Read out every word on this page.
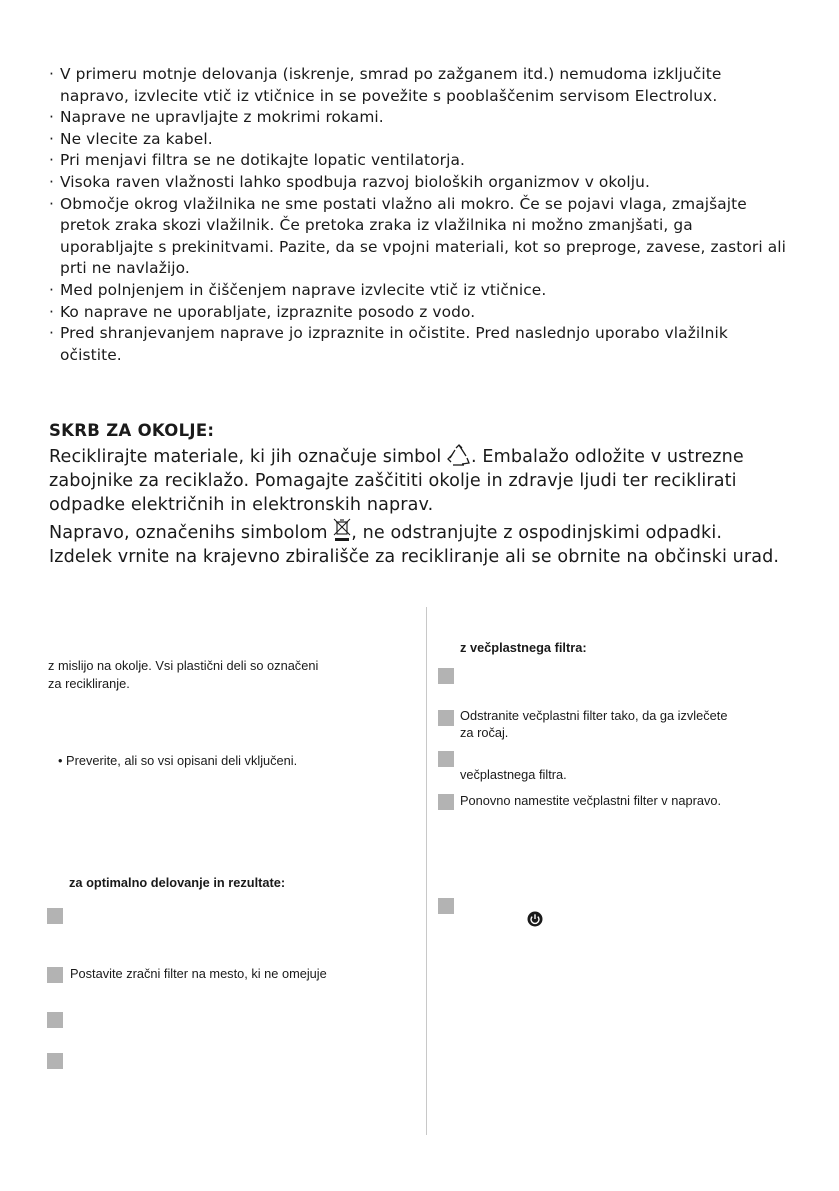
· V primeru motnje delovanja (iskrenje, smrad po zažganem itd.) nemudoma izključite napravo, izvlecite vtič iz vtičnice in se povežite s pooblaščenim servisom Electrolux.
· Naprave ne upravljajte z mokrimi rokami.
· Ne vlecite za kabel.
· Pri menjavi filtra se ne dotikajte lopatic ventilatorja.
· Visoka raven vlažnosti lahko spodbuja razvoj bioloških organizmov v okolju.
· Območje okrog vlažilnika ne sme postati vlažno ali mokro. Če se pojavi vlaga, zmajšajte pretok zraka skozi vlažilnik. Če pretoka zraka iz vlažilnika ni možno zmanjšati, ga uporabljajte s prekinitvami. Pazite, da se vpojni materiali, kot so preproge, zavese, zastori ali prti ne navlažijo.
· Med polnjenjem in čiščenjem naprave izvlecite vtič iz vtičnice.
· Ko naprave ne uporabljate, izpraznite posodo z vodo.
· Pred shranjevanjem naprave jo izpraznite in očistite. Pred naslednjo uporabo vlažilnik očistite.
SKRB ZA OKOLJE:

Reciklirajte materiale, ki jih označuje simbol . Embalažo odložite v ustrezne zabojnike za reciklažo. Pomagajte zaščititi okolje in zdravje ljudi ter reciklirati odpadke električnih in elektronskih naprav.

Napravo, označenihs simbolom , ne odstranjujte z ospodinjskimi odpadki. Izdelek vrnite na krajevno zbirališče za recikliranje ali se obrnite na občinski urad.

z mislijo na okolje. Vsi plastični deli so označeni
za recikliranje.
• Preverite, ali so vsi opisani deli vključeni.
za optimalno delovanje in rezultate:
Postavite zračni filter na mesto, ki ne omejuje
z večplastnega filtra:
Odstranite večplastni filter tako, da ga izvlečete
za ročaj.
večplastnega filtra.
Ponovno namestite večplastni filter v napravo.
